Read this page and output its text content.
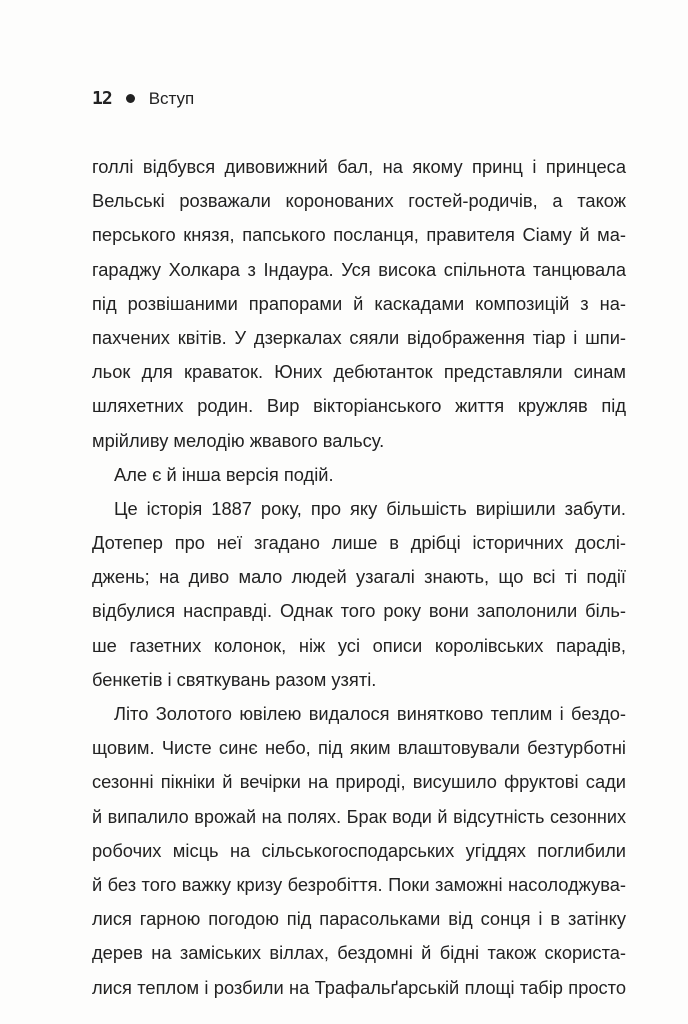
12 Вступ
голлі відбувся дивовижний бал, на якому принц і принцеса
Вельські розважали коронованих гостей-родичів, а також
перського князя, папського посланця, правителя Сіаму й ма-
гараджу Холкара з Індаура. Уся висока спільнота танцювала
під розвішаними прапорами й каскадами композицій з на-
пахчених квітів. У дзеркалах сяяли відображення тіар і шпи-
льок для краваток. Юних дебютанток представляли синам
шляхетних родин. Вир вікторіанського життя кружляв під
мрійливу мелодію жвавого вальсу.
Але є й інша версія подій.
Це історія 1887 року, про яку більшість вирішили забути.
Дотепер про неї згадано лише в дрібці історичних дослі-
джень; на диво мало людей узагалі знають, що всі ті події
відбулися насправді. Однак того року вони заполонили біль-
ше газетних колонок, ніж усі описи королівських парадів,
бенкетів і святкувань разом узяті.
Літо Золотого ювілею видалося винятково теплим і бездо-
щовим. Чисте синє небо, під яким влаштовували безтурботні
сезонні пікніки й вечірки на природі, висушило фруктові сади
й випалило врожай на полях. Брак води й відсутність сезонних
робочих місць на сільськогосподарських угіддях поглибили
й без того важку кризу безробіття. Поки заможні насолоджува-
лися гарною погодою під парасольками від сонця і в затінку
дерев на заміських віллах, бездомні й бідні також скориста-
лися теплом і розбили на Трафальґарській площі табір просто
